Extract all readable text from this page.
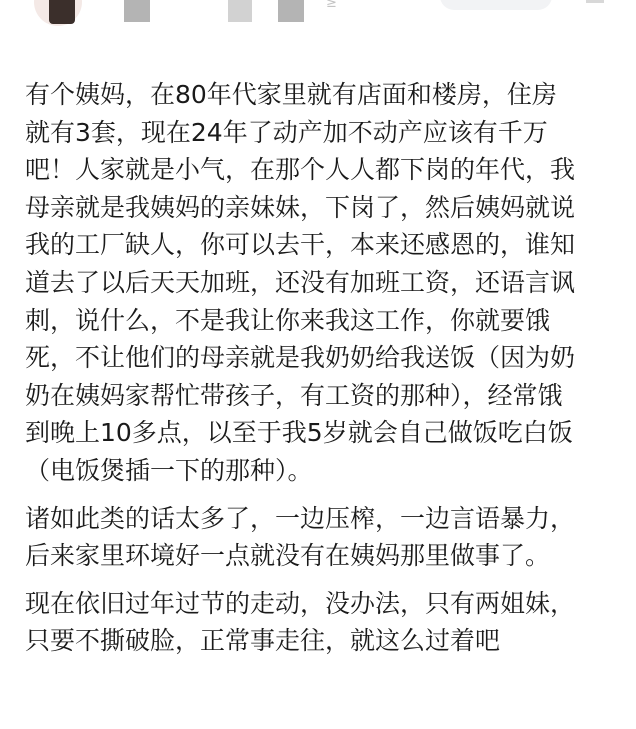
≥

有个姨妈，在80年代家里就有店面和楼房，住房

就有3套，现在24年了动产加不动产应该有千万

吧！人家就是小气，在那个人人都下岗的年代，我

母亲就是我姨妈的亲妹妹，下岗了，然后姨妈就说

我的工厂缺人，你可以去干，本来还感恩的，谁知

道去了以后天天加班，还没有加班工资，还语言讽

刺，说什么，不是我让你来我这工作，你就要饿

死，不让他们的母亲就是我奶奶给我送饭（因为奶

奶在姨妈家帮忙带孩子，有工资的那种），经常饿

到晚上10多点，以至于我5岁就会自己做饭吃白饭

（电饭煲插一下的那种）。

诸如此类的话太多了，一边压榨，一边言语暴力，

后来家里环境好一点就没有在姨妈那里做事了。

现在依旧过年过节的走动，没办法，只有两姐妹，

只要不撕破脸，正常事走往，就这么过着吧
